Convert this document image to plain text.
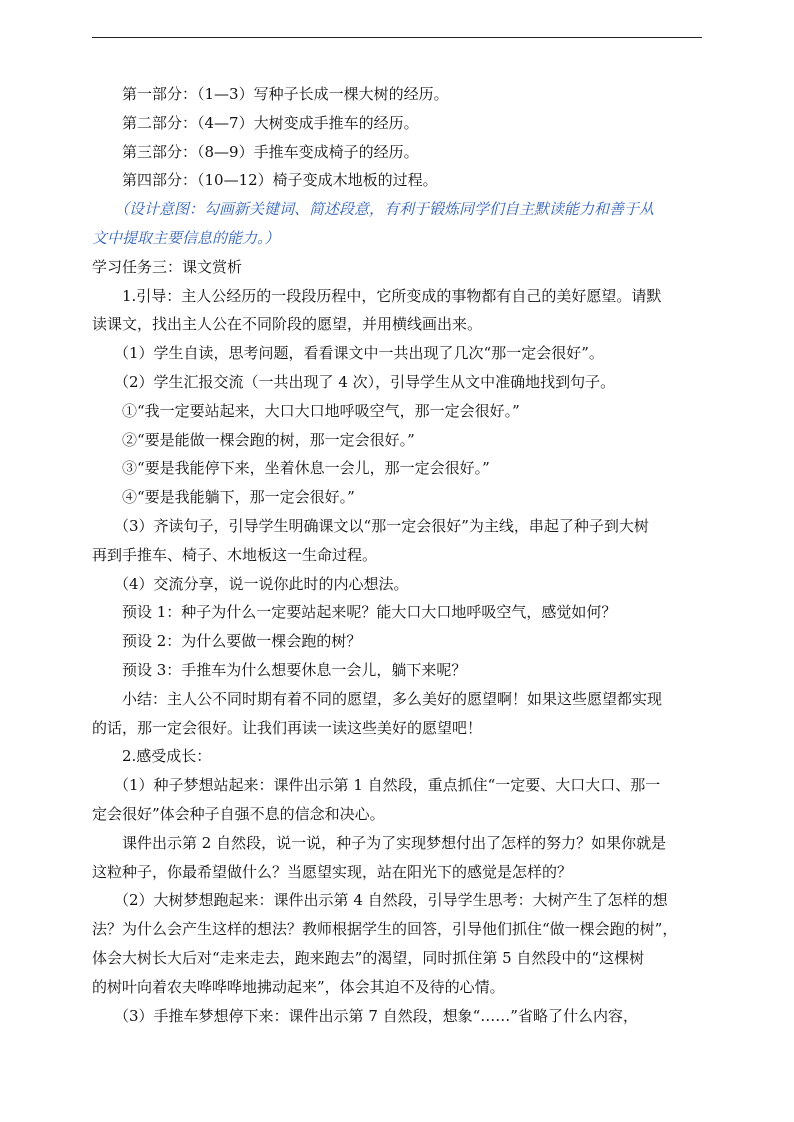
第一部分：（1—3）写种子长成一棵大树的经历。
第二部分：（4—7）大树变成手推车的经历。
第三部分：（8—9）手推车变成椅子的经历。
第四部分：（10—12）椅子变成木地板的过程。
（设计意图：勾画新关键词、简述段意，有利于锻炼同学们自主默读能力和善于从
文中提取主要信息的能力。）
学习任务三：课文赏析
1.引导：主人公经历的一段段历程中，它所变成的事物都有自己的美好愿望。请默
读课文，找出主人公在不同阶段的愿望，并用横线画出来。
（1）学生自读，思考问题，看看课文中一共出现了几次“那一定会很好”。
（2）学生汇报交流（一共出现了 4 次），引导学生从文中准确地找到句子。
①“我一定要站起来，大口大口地呼吸空气，那一定会很好。”
②“要是能做一棵会跑的树，那一定会很好。”
③“要是我能停下来，坐着休息一会儿，那一定会很好。”
④“要是我能躺下，那一定会很好。”
（3）齐读句子，引导学生明确课文以“那一定会很好”为主线，串起了种子到大树
再到手推车、椅子、木地板这一生命过程。
（4）交流分享，说一说你此时的内心想法。
预设 1：种子为什么一定要站起来呢？能大口大口地呼吸空气，感觉如何？
预设 2：为什么要做一棵会跑的树？
预设 3：手推车为什么想要休息一会儿，躺下来呢？
小结：主人公不同时期有着不同的愿望，多么美好的愿望啊！如果这些愿望都实现
的话，那一定会很好。让我们再读一读这些美好的愿望吧！
2.感受成长：
（1）种子梦想站起来：课件出示第 1 自然段，重点抓住“一定要、大口大口、那一
定会很好”体会种子自强不息的信念和决心。
课件出示第 2 自然段，说一说，种子为了实现梦想付出了怎样的努力？如果你就是
这粒种子，你最希望做什么？当愿望实现，站在阳光下的感觉是怎样的？
（2）大树梦想跑起来：课件出示第 4 自然段，引导学生思考：大树产生了怎样的想
法？为什么会产生这样的想法？教师根据学生的回答，引导他们抓住“做一棵会跑的树”，
体会大树长大后对“走来走去，跑来跑去”的渴望，同时抓住第 5 自然段中的“这棵树
的树叶向着农夫哗哗哗地拂动起来”，体会其迫不及待的心情。
（3）手推车梦想停下来：课件出示第 7 自然段，想象“……”省略了什么内容，
